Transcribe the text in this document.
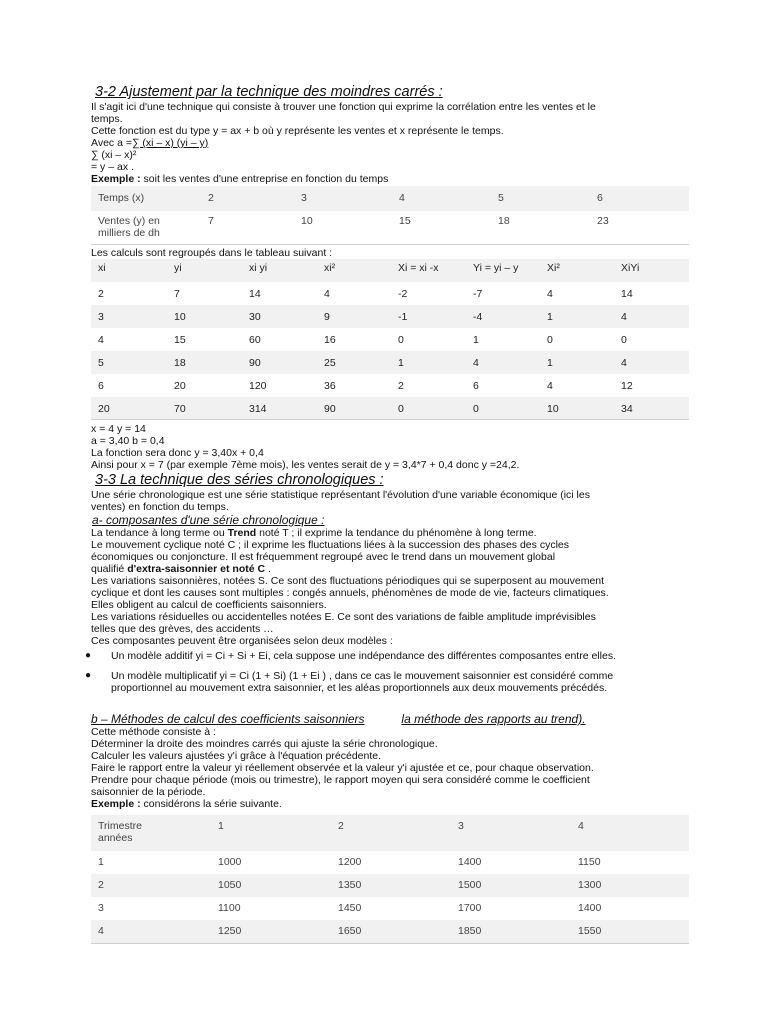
3-2 Ajustement par la technique des moindres carrés :
Il s'agit ici d'une technique qui consiste à trouver une fonction qui exprime la corrélation entre les ventes et le
temps.
Cette fonction est du type y = ax + b où y représente les ventes et x représente le temps.
Avec a =∑ (xi – x) (yi – y)
∑ (xi – x)²
= y – ax .
Exemple : soit les ventes d'une entreprise en fonction du temps
Temps (x)	2	3	4	5	6
Ventes (y) en milliers de dh	7	10	15	18	23
Les calculs sont regroupés dans le tableau suivant :
xi	yi	xi yi	xi²	Xi = xi -x	Yi = yi – y	Xi²	XiYi
2	7	14	4	-2	-7	4	14
3	10	30	9	-1	-4	1	4
4	15	60	16	0	1	0	0
5	18	90	25	1	4	1	4
6	20	120	36	2	6	4	12
20	70	314	90	0	0	10	34
x = 4 y = 14
a = 3,40 b = 0,4
La fonction sera donc y = 3,40x + 0,4
Ainsi pour x = 7 (par exemple 7ème mois), les ventes serait de y = 3,4*7 + 0,4 donc y =24,2.
3-3 La technique des séries chronologiques :
Une série chronologique est une série statistique représentant l'évolution d'une variable économique (ici les
ventes) en fonction du temps.
a- composantes d'une série chronologique :
La tendance à long terme ou Trend noté T ; il exprime la tendance du phénomène à long terme.
Le mouvement cyclique noté C ; il exprime les fluctuations liées à la succession des phases des cycles
économiques ou conjoncture. Il est fréquemment regroupé avec le trend dans un mouvement global
qualifié d'extra-saisonnier et noté C .
Les variations saisonnières, notées S. Ce sont des fluctuations périodiques qui se superposent au mouvement
cyclique et dont les causes sont multiples : congés annuels, phénomènes de mode de vie, facteurs climatiques.
Elles obligent au calcul de coefficients saisonniers.
Les variations résiduelles ou accidentelles notées E. Ce sont des variations de faible amplitude imprévisibles
telles que des grèves, des accidents …
Ces composantes peuvent être organisées selon deux modèles :
● Un modèle additif yi = Ci + Si + Ei, cela suppose une indépendance des différentes composantes entre elles.
● Un modèle multiplicatif yi = Ci (1 + Si) (1 + Ei ) , dans ce cas le mouvement saisonnier est considéré comme
proportionnel au mouvement extra saisonnier, et les aléas proportionnels aux deux mouvements précédés.
b – Méthodes de calcul des coefficients saisonniers	la méthode des rapports au trend).
Cette méthode consiste à :
Déterminer la droite des moindres carrés qui ajuste la série chronologique.
Calculer les valeurs ajustées y'i grâce à l'équation précédente.
Faire le rapport entre la valeur yi réellement observée et la valeur y'i ajustée et ce, pour chaque observation.
Prendre pour chaque période (mois ou trimestre), le rapport moyen qui sera considéré comme le coefficient
saisonnier de la période.
Exemple : considérons la série suivante.
Trimestre années	1	2	3	4
1	1000	1200	1400	1150
2	1050	1350	1500	1300
3	1100	1450	1700	1400
4	1250	1650	1850	1550
